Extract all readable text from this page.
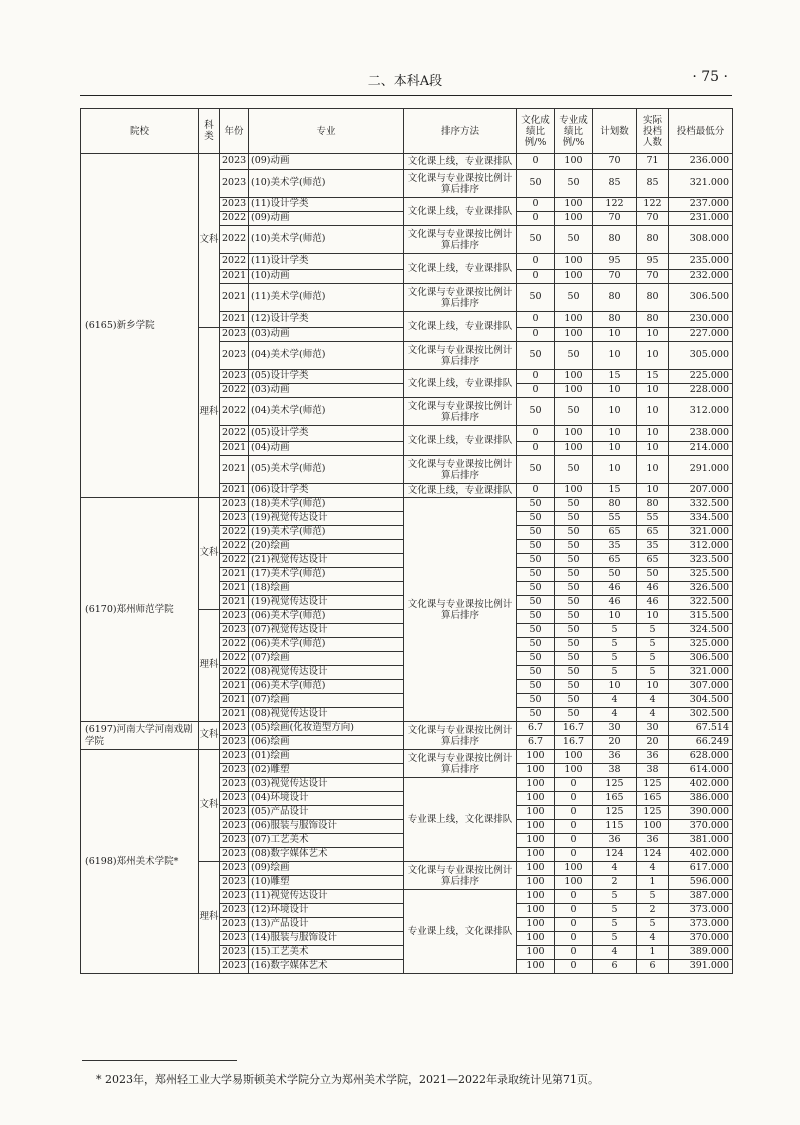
二、本科A段	· 75 ·
院校	科类	年份	专业	排序方法	文化成绩比例/%	专业成绩比例/%	计划数	实际投档人数	投档最低分
(6165)新乡学院	文科	2023	(09)动画	文化课上线，专业课排队	0	100	70	71	236.000
		2023	(10)美术学(师范)	文化课与专业课按比例计算后排序	50	50	85	85	321.000
		2023	(11)设计学类	文化课上线，专业课排队	0	100	122	122	237.000
		2022	(09)动画		0	100	70	70	231.000
		2022	(10)美术学(师范)	文化课与专业课按比例计算后排序	50	50	80	80	308.000
		2022	(11)设计学类	文化课上线，专业课排队	0	100	95	95	235.000
		2021	(10)动画		0	100	70	70	232.000
		2021	(11)美术学(师范)	文化课与专业课按比例计算后排序	50	50	80	80	306.500
		2021	(12)设计学类	文化课上线，专业课排队	0	100	80	80	230.000
	理科	2023	(03)动画		0	100	10	10	227.000
		2023	(04)美术学(师范)	文化课与专业课按比例计算后排序	50	50	10	10	305.000
		2023	(05)设计学类	文化课上线，专业课排队	0	100	15	15	225.000
		2022	(03)动画		0	100	10	10	228.000
		2022	(04)美术学(师范)	文化课与专业课按比例计算后排序	50	50	10	10	312.000
		2022	(05)设计学类	文化课上线，专业课排队	0	100	10	10	238.000
		2021	(04)动画		0	100	10	10	214.000
		2021	(05)美术学(师范)	文化课与专业课按比例计算后排序	50	50	10	10	291.000
		2021	(06)设计学类	文化课上线，专业课排队	0	100	15	10	207.000
(6170)郑州师范学院	文科	2023	(18)美术学(师范)	文化课与专业课按比例计算后排序	50	50	80	80	332.500
		2023	(19)视觉传达设计		50	50	55	55	334.500
		2022	(19)美术学(师范)		50	50	65	65	321.000
		2022	(20)绘画		50	50	35	35	312.000
		2022	(21)视觉传达设计		50	50	65	65	323.500
		2021	(17)美术学(师范)		50	50	50	50	325.500
		2021	(18)绘画		50	50	46	46	326.500
		2021	(19)视觉传达设计		50	50	46	46	322.500
	理科	2023	(06)美术学(师范)		50	50	10	10	315.500
		2023	(07)视觉传达设计		50	50	5	5	324.500
		2022	(06)美术学(师范)		50	50	5	5	325.000
		2022	(07)绘画		50	50	5	5	306.500
		2022	(08)视觉传达设计		50	50	5	5	321.000
		2021	(06)美术学(师范)		50	50	10	10	307.000
		2021	(07)绘画		50	50	4	4	304.500
		2021	(08)视觉传达设计		50	50	4	4	302.500
(6197)河南大学河南戏剧学院	文科	2023	(05)绘画(化妆造型方向)	文化课与专业课按比例计算后排序	6.7	16.7	30	30	67.514
		2023	(06)绘画		6.7	16.7	20	20	66.249
(6198)郑州美术学院*	文科	2023	(01)绘画	文化课与专业课按比例计算后排序	100	100	36	36	628.000
		2023	(02)雕塑		100	100	38	38	614.000
		2023	(03)视觉传达设计	专业课上线，文化课排队	100	0	125	125	402.000
		2023	(04)环境设计		100	0	165	165	386.000
		2023	(05)产品设计		100	0	125	125	390.000
		2023	(06)服装与服饰设计		100	0	115	100	370.000
		2023	(07)工艺美术		100	0	36	36	381.000
		2023	(08)数字媒体艺术		100	0	124	124	402.000
	理科	2023	(09)绘画	文化课与专业课按比例计算后排序	100	100	4	4	617.000
		2023	(10)雕塑		100	100	2	1	596.000
		2023	(11)视觉传达设计	专业课上线，文化课排队	100	0	5	5	387.000
		2023	(12)环境设计		100	0	5	2	373.000
		2023	(13)产品设计		100	0	5	5	373.000
		2023	(14)服装与服饰设计		100	0	5	4	370.000
		2023	(15)工艺美术		100	0	4	1	389.000
		2023	(16)数字媒体艺术		100	0	6	6	391.000
* 2023年，郑州轻工业大学易斯顿美术学院分立为郑州美术学院，2021—2022年录取统计见第71页。
